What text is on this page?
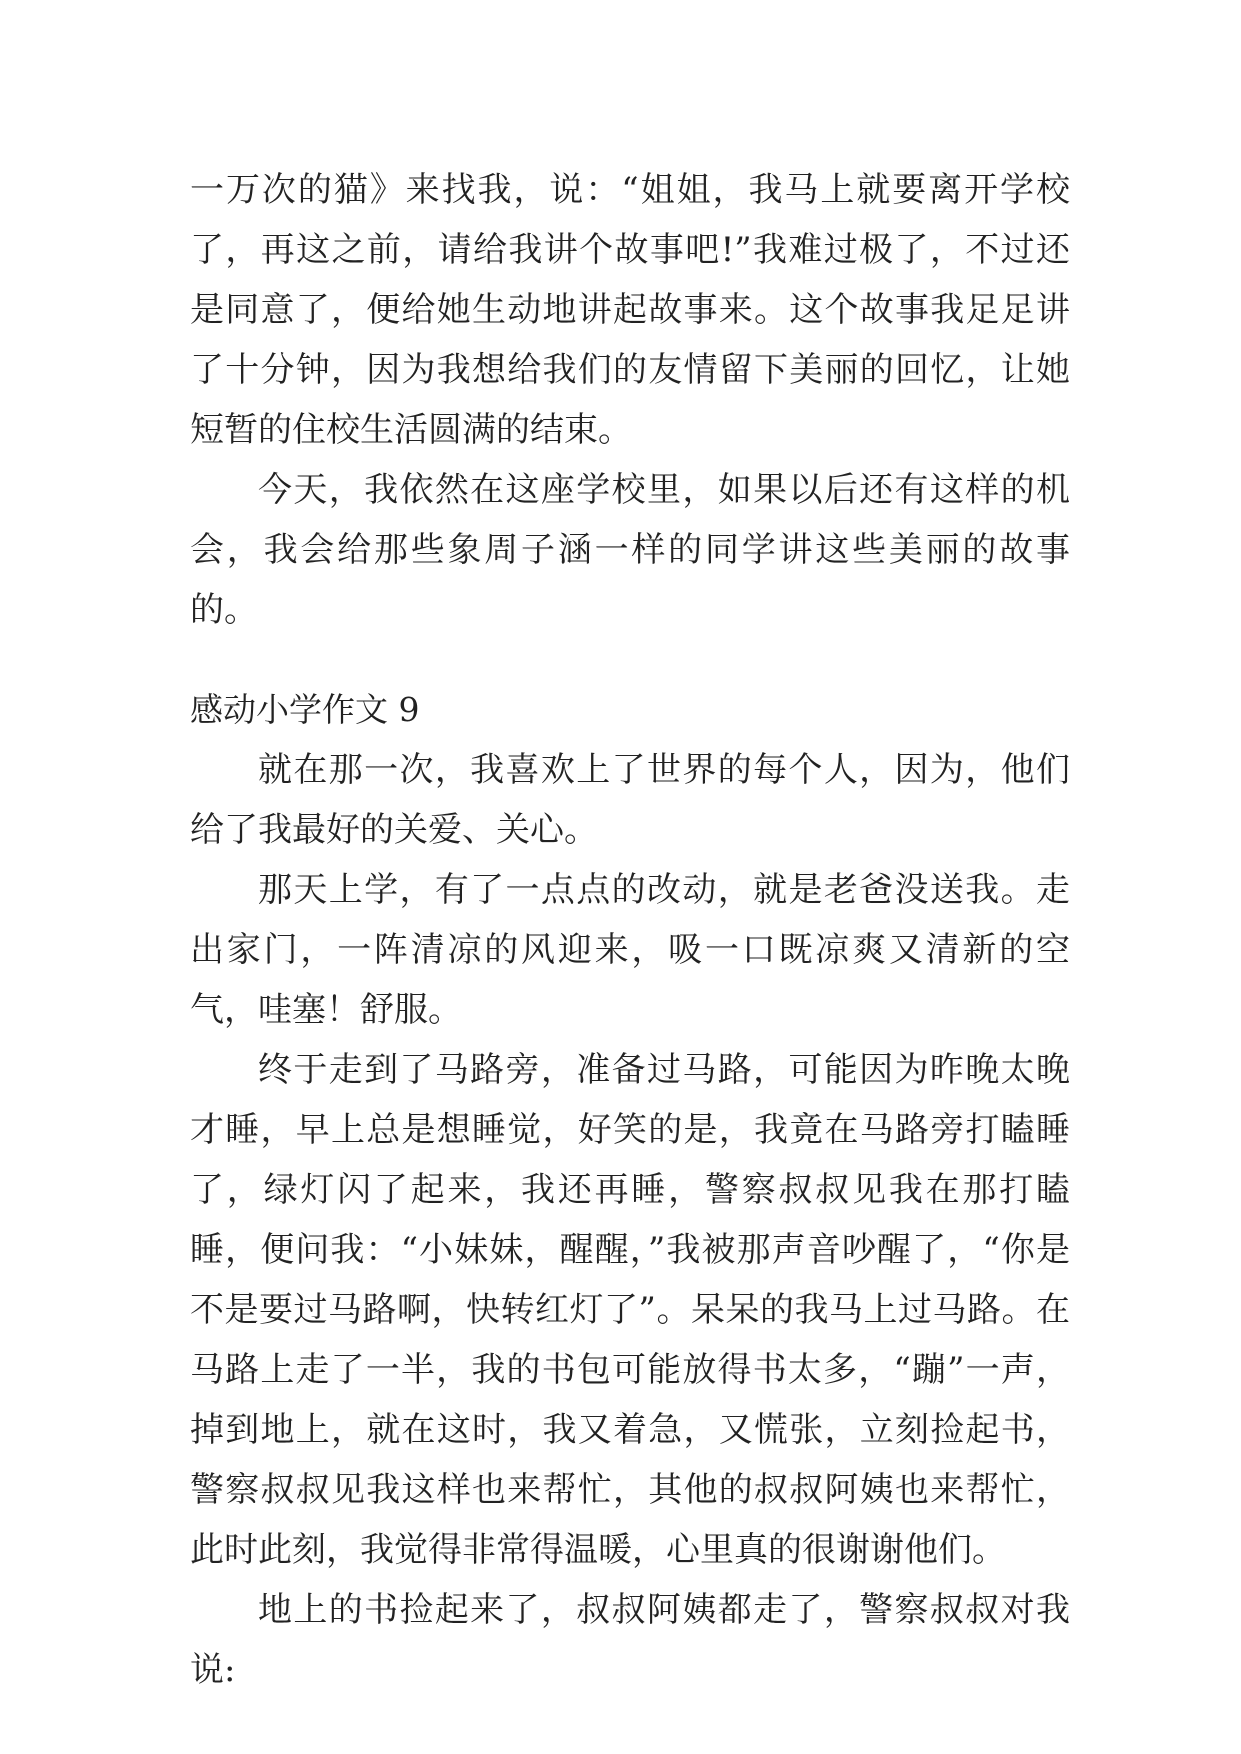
一万次的猫》来找我，说：“姐姐，我马上就要离开学校了，再这之前，请给我讲个故事吧!”我难过极了，不过还是同意了，便给她生动地讲起故事来。这个故事我足足讲了十分钟，因为我想给我们的友情留下美丽的回忆，让她短暂的住校生活圆满的结束。

今天，我依然在这座学校里，如果以后还有这样的机会，我会给那些象周子涵一样的同学讲这些美丽的故事的。

感动小学作文 9

就在那一次，我喜欢上了世界的每个人，因为，他们给了我最好的关爱、关心。

那天上学，有了一点点的改动，就是老爸没送我。走出家门，一阵清凉的风迎来，吸一口既凉爽又清新的空气，哇塞！舒服。

终于走到了马路旁，准备过马路，可能因为昨晚太晚才睡，早上总是想睡觉，好笑的是，我竟在马路旁打瞌睡了，绿灯闪了起来，我还再睡，警察叔叔见我在那打瞌睡，便问我：“小妹妹，醒醒，”我被那声音吵醒了，“你是不是要过马路啊，快转红灯了”。呆呆的我马上过马路。在马路上走了一半，我的书包可能放得书太多，“蹦”一声，掉到地上，就在这时，我又着急，又慌张，立刻捡起书，警察叔叔见我这样也来帮忙，其他的叔叔阿姨也来帮忙，此时此刻，我觉得非常得温暖，心里真的很谢谢他们。

地上的书捡起来了，叔叔阿姨都走了，警察叔叔对我说:
